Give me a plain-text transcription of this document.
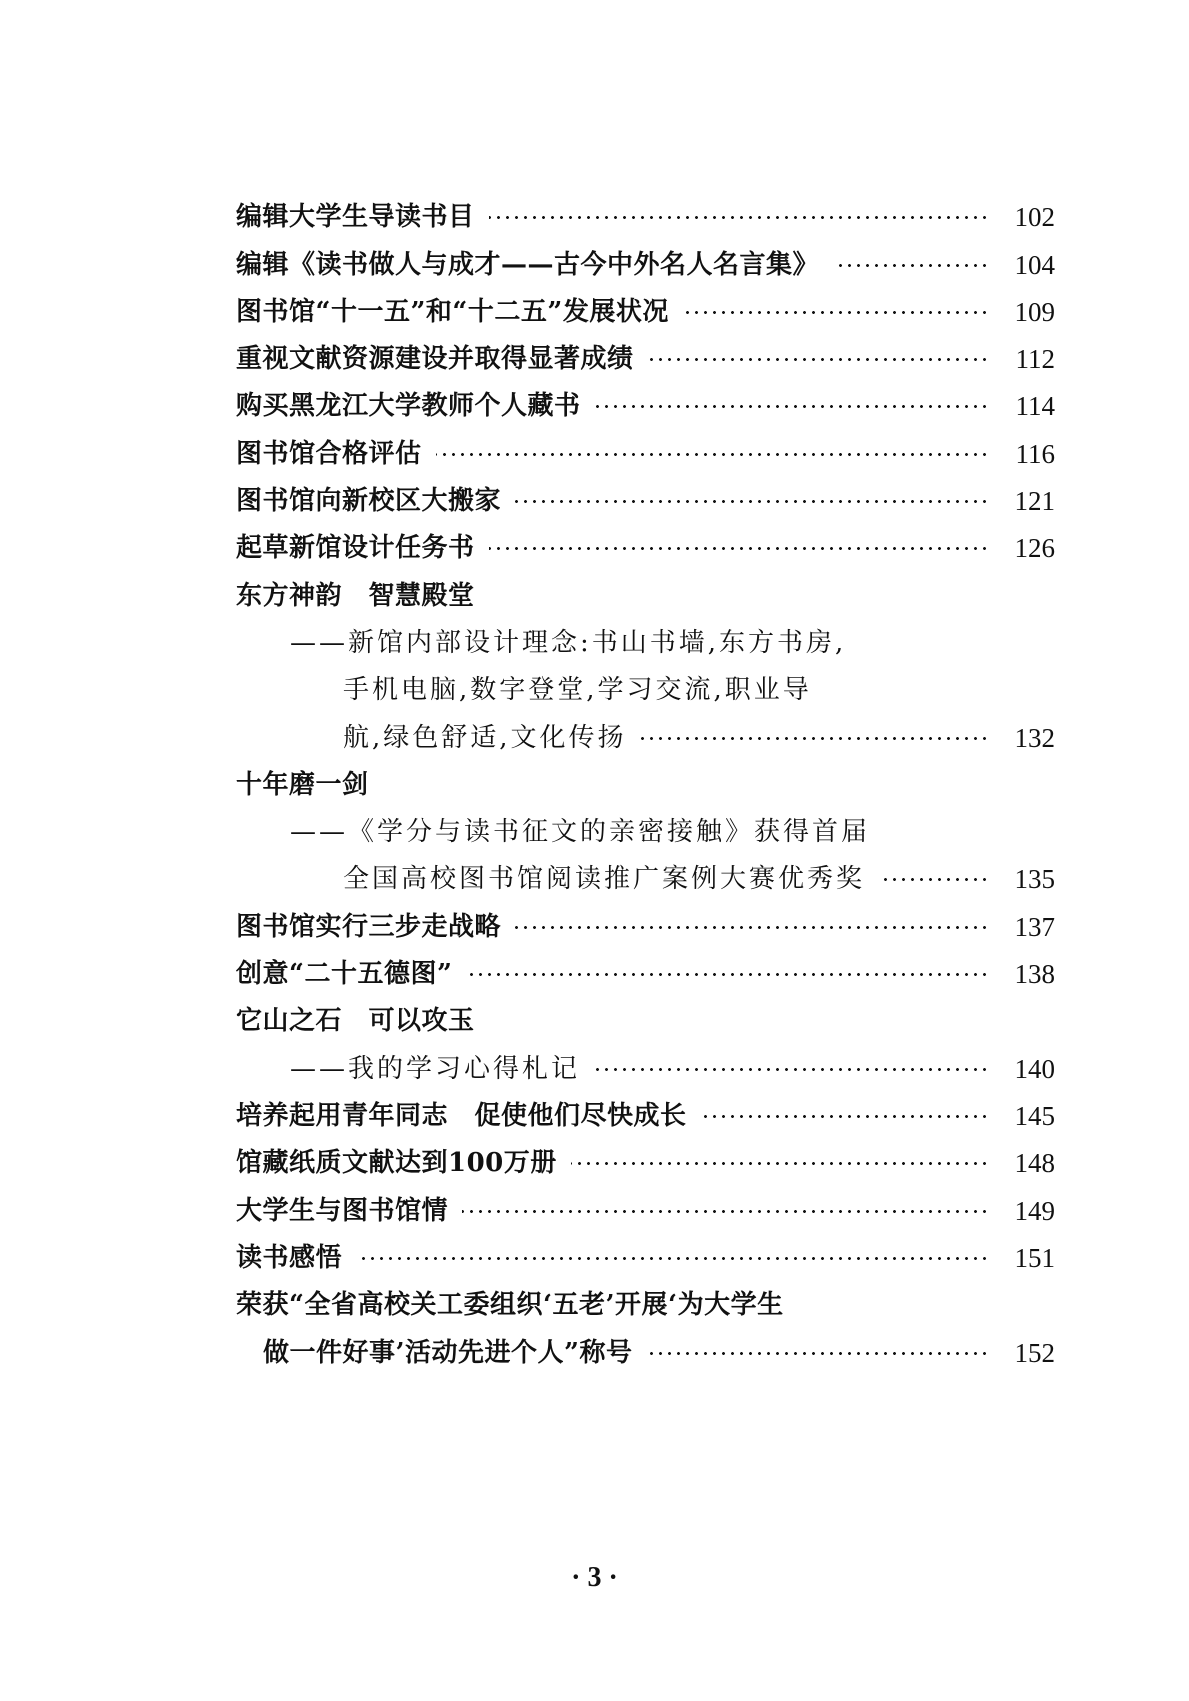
编辑大学生导读书目	102
编辑《读书做人与成才——古今中外名人名言集》	104
图书馆“十一五”和“十二五”发展状况	109
重视文献资源建设并取得显著成绩	112
购买黑龙江大学教师个人藏书	114
图书馆合格评估	116
图书馆向新校区大搬家	121
起草新馆设计任务书	126
东方神韵　智慧殿堂
——新馆内部设计理念:书山书墙,东方书房,
手机电脑,数字登堂,学习交流,职业导
航,绿色舒适,文化传扬	132
十年磨一剑
——《学分与读书征文的亲密接触》获得首届
全国高校图书馆阅读推广案例大赛优秀奖	135
图书馆实行三步走战略	137
创意“二十五德图”	138
它山之石　可以攻玉
——我的学习心得札记	140
培养起用青年同志　促使他们尽快成长	145
馆藏纸质文献达到100万册	148
大学生与图书馆情	149
读书感悟	151
荣获“全省高校关工委组织‘五老’开展‘为大学生
做一件好事’活动先进个人”称号	152
· 3 ·
